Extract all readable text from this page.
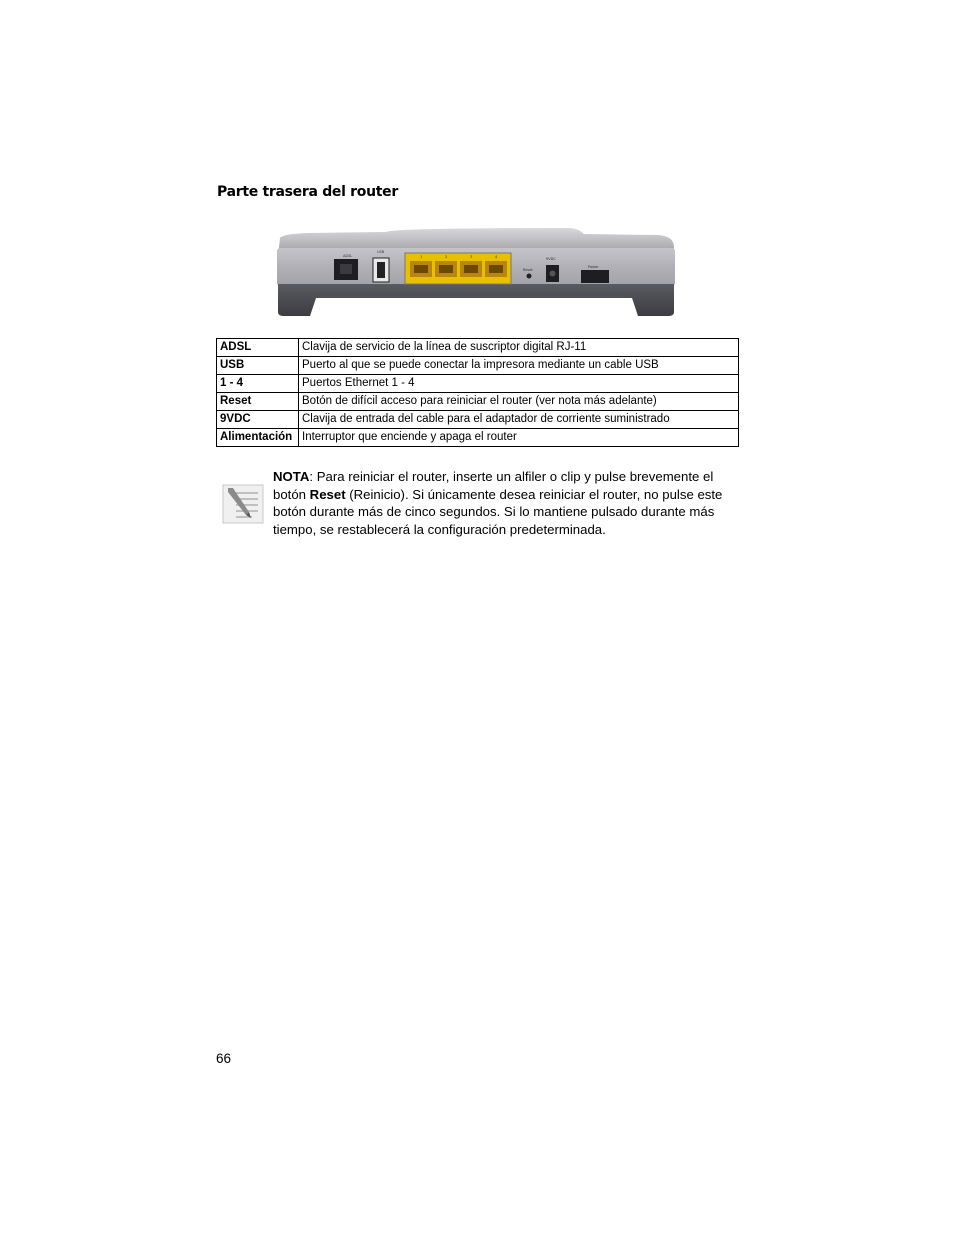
Parte trasera del router
ADSL
USB
1	2	3	4
Reset
9VDC
Power
ADSL	Clavija de servicio de la línea de suscriptor digital RJ-11
USB	Puerto al que se puede conectar la impresora mediante un cable USB
1 - 4	Puertos Ethernet 1 - 4
Reset	Botón de difícil acceso para reiniciar el router (ver nota más adelante)
9VDC	Clavija de entrada del cable para el adaptador de corriente suministrado
Alimentación	Interruptor que enciende y apaga el router
NOTA: Para reiniciar el router, inserte un alfiler o clip y pulse brevemente el botón Reset (Reinicio). Si únicamente desea reiniciar el router, no pulse este botón durante más de cinco segundos. Si lo mantiene pulsado durante más tiempo, se restablecerá la configuración predeterminada.
66
